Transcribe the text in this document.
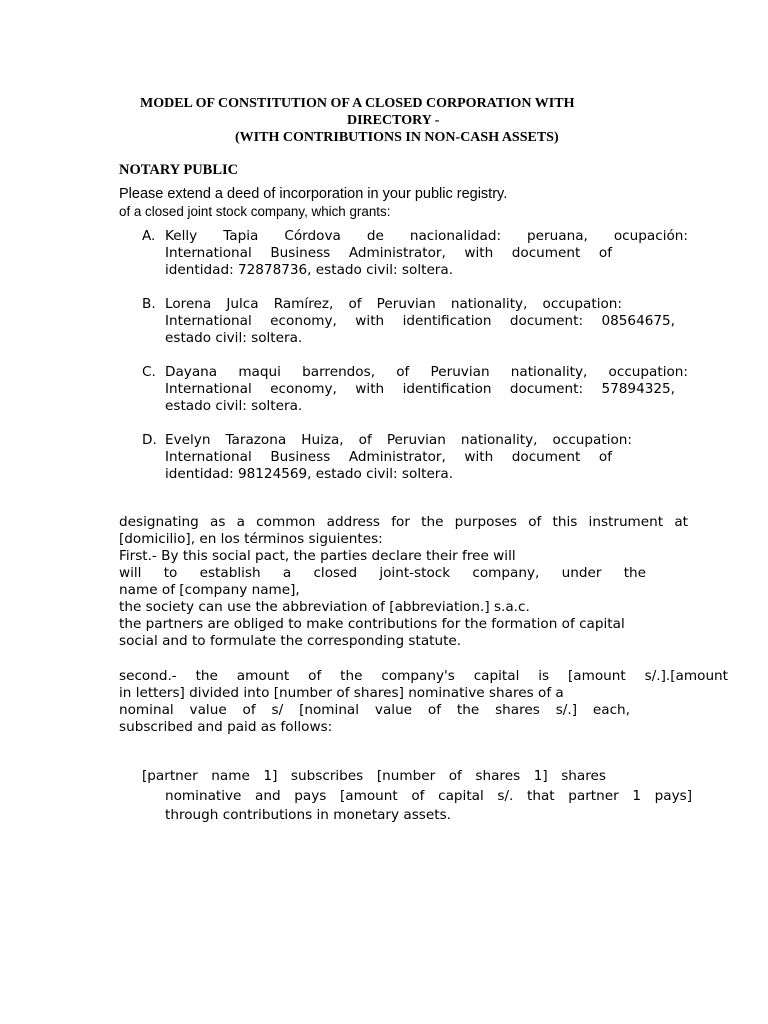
MODEL OF CONSTITUTION OF A CLOSED CORPORATION WITH
DIRECTORY -
(WITH CONTRIBUTIONS IN NON-CASH ASSETS)
NOTARY PUBLIC
Please extend a deed of incorporation in your public registry.
of a closed joint stock company, which grants:
A. Kelly Tapia Córdova de nacionalidad: peruana, ocupación:
International Business Administrator, with document of
identidad: 72878736, estado civil: soltera.
B. Lorena Julca Ramírez, of Peruvian nationality, occupation:
International economy, with identification document: 08564675,
estado civil: soltera.
C. Dayana maqui barrendos, of Peruvian nationality, occupation:
International economy, with identification document: 57894325,
estado civil: soltera.
D. Evelyn Tarazona Huiza, of Peruvian nationality, occupation:
International Business Administrator, with document of
identidad: 98124569, estado civil: soltera.
designating as a common address for the purposes of this instrument at
[domicilio], en los términos siguientes:
First.- By this social pact, the parties declare their free will
will to establish a closed joint-stock company, under the
name of [company name],
the society can use the abbreviation of [abbreviation.] s.a.c.
the partners are obliged to make contributions for the formation of capital
social and to formulate the corresponding statute.
second.- the amount of the company's capital is [amount s/.].[amount
in letters] divided into [number of shares] nominative shares of a
nominal value of s/ [nominal value of the shares s/.] each,
subscribed and paid as follows:
[partner name 1] subscribes [number of shares 1] shares
nominative and pays [amount of capital s/. that partner 1 pays]
through contributions in monetary assets.
